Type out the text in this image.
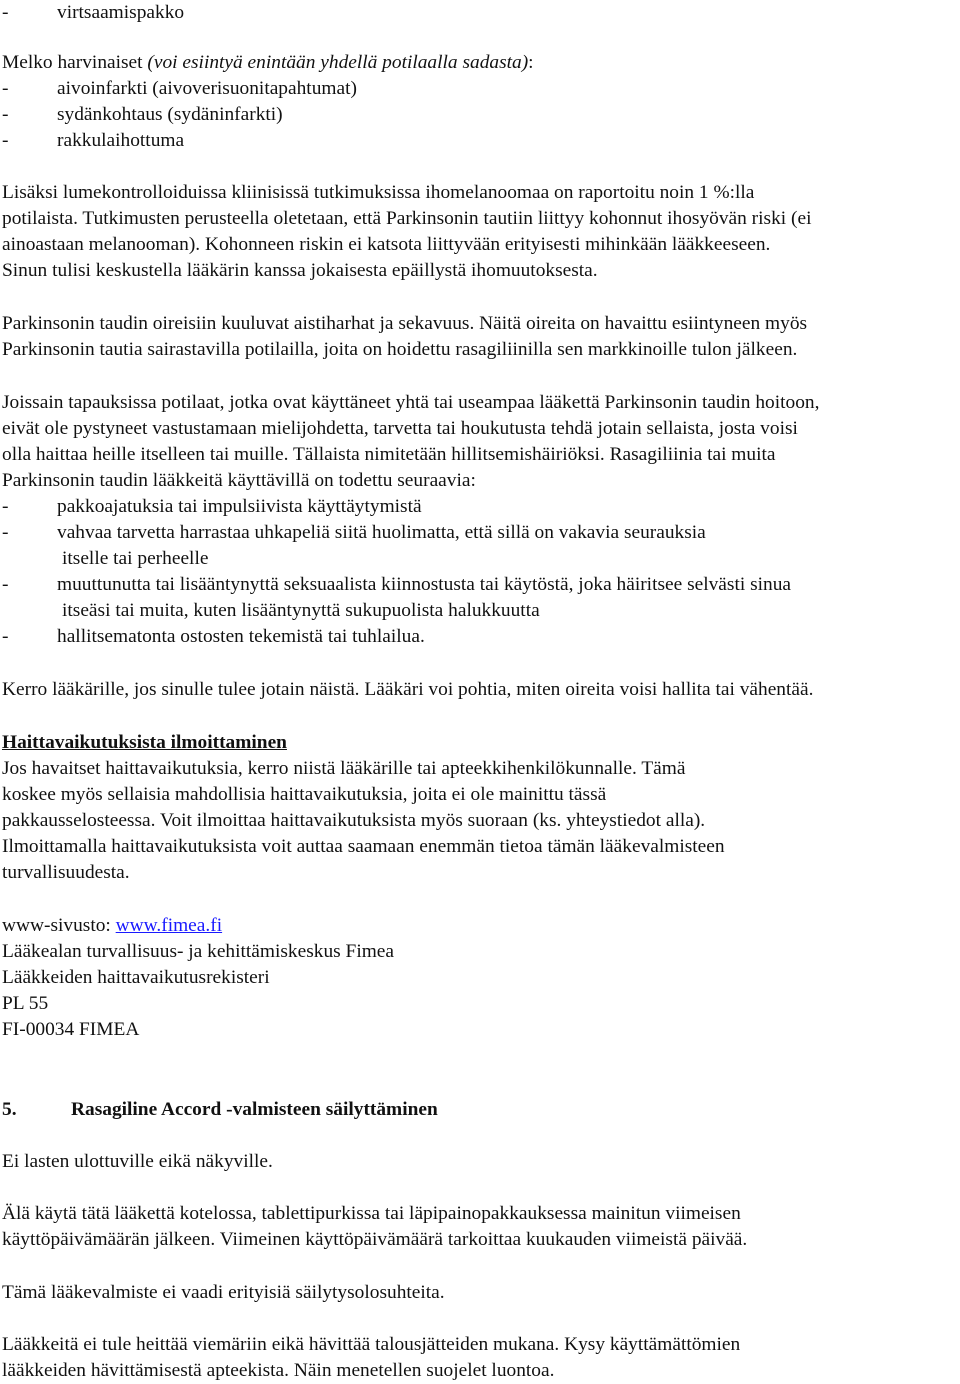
-	virtsaamispakko
Melko harvinaiset (voi esiintyä enintään yhdellä potilaalla sadasta):
-	aivoinfarkti (aivoverisuonitapahtumat)
-	sydänkohtaus (sydäninfarkti)
-	rakkulaihottuma
Lisäksi lumekontrolloiduissa kliinisissä tutkimuksissa ihomelanoomaa on raportoitu noin 1 %:lla
potilaista. Tutkimusten perusteella oletetaan, että Parkinsonin tautiin liittyy kohonnut ihosyövän riski (ei
ainoastaan melanooman). Kohonneen riskin ei katsota liittyvään erityisesti mihinkään lääkkeeseen.
Sinun tulisi keskustella lääkärin kanssa jokaisesta epäillystä ihomuutoksesta.
Parkinsonin taudin oireisiin kuuluvat aistiharhat ja sekavuus. Näitä oireita on havaittu esiintyneen myös
Parkinsonin tautia sairastavilla potilailla, joita on hoidettu rasagiliinilla sen markkinoille tulon jälkeen.
Joissain tapauksissa potilaat, jotka ovat käyttäneet yhtä tai useampaa lääkettä Parkinsonin taudin hoitoon,
eivät ole pystyneet vastustamaan mielijohdetta, tarvetta tai houkutusta tehdä jotain sellaista, josta voisi
olla haittaa heille itselleen tai muille. Tällaista nimitetään hillitsemishäiriöksi. Rasagiliinia tai muita
Parkinsonin taudin lääkkeitä käyttävillä on todettu seuraavia:
-	pakkoajatuksia tai impulsiivista käyttäytymistä
-	vahvaa tarvetta harrastaa uhkapeliä siitä huolimatta, että sillä on vakavia seurauksia
itselle tai perheelle
-	muuttunutta tai lisääntynyttä seksuaalista kiinnostusta tai käytöstä, joka häiritsee selvästi sinua
itseäsi tai muita, kuten lisääntynyttä sukupuolista halukkuutta
-	hallitsematonta ostosten tekemistä tai tuhlailua.
Kerro lääkärille, jos sinulle tulee jotain näistä. Lääkäri voi pohtia, miten oireita voisi hallita tai vähentää.
Haittavaikutuksista ilmoittaminen
Jos havaitset haittavaikutuksia, kerro niistä lääkärille tai apteekkihenkilökunnalle. Tämä
koskee myös sellaisia mahdollisia haittavaikutuksia, joita ei ole mainittu tässä
pakkausselosteessa. Voit ilmoittaa haittavaikutuksista myös suoraan (ks. yhteystiedot alla).
Ilmoittamalla haittavaikutuksista voit auttaa saamaan enemmän tietoa tämän lääkevalmisteen
turvallisuudesta.
www-sivusto: www.fimea.fi
Lääkealan turvallisuus- ja kehittämiskeskus Fimea
Lääkkeiden haittavaikutusrekisteri
PL 55
FI-00034 FIMEA
5.	Rasagiline Accord -valmisteen säilyttäminen
Ei lasten ulottuville eikä näkyville.
Älä käytä tätä lääkettä kotelossa, tablettipurkissa tai läpipainopakkauksessa mainitun viimeisen
käyttöpäivämäärän jälkeen. Viimeinen käyttöpäivämäärä tarkoittaa kuukauden viimeistä päivää.
Tämä lääkevalmiste ei vaadi erityisiä säilytysolosuhteita.
Lääkkeitä ei tule heittää viemäriin eikä hävittää talousjätteiden mukana. Kysy käyttämättömien
lääkkeiden hävittämisestä apteekista. Näin menetellen suojelet luontoa.
